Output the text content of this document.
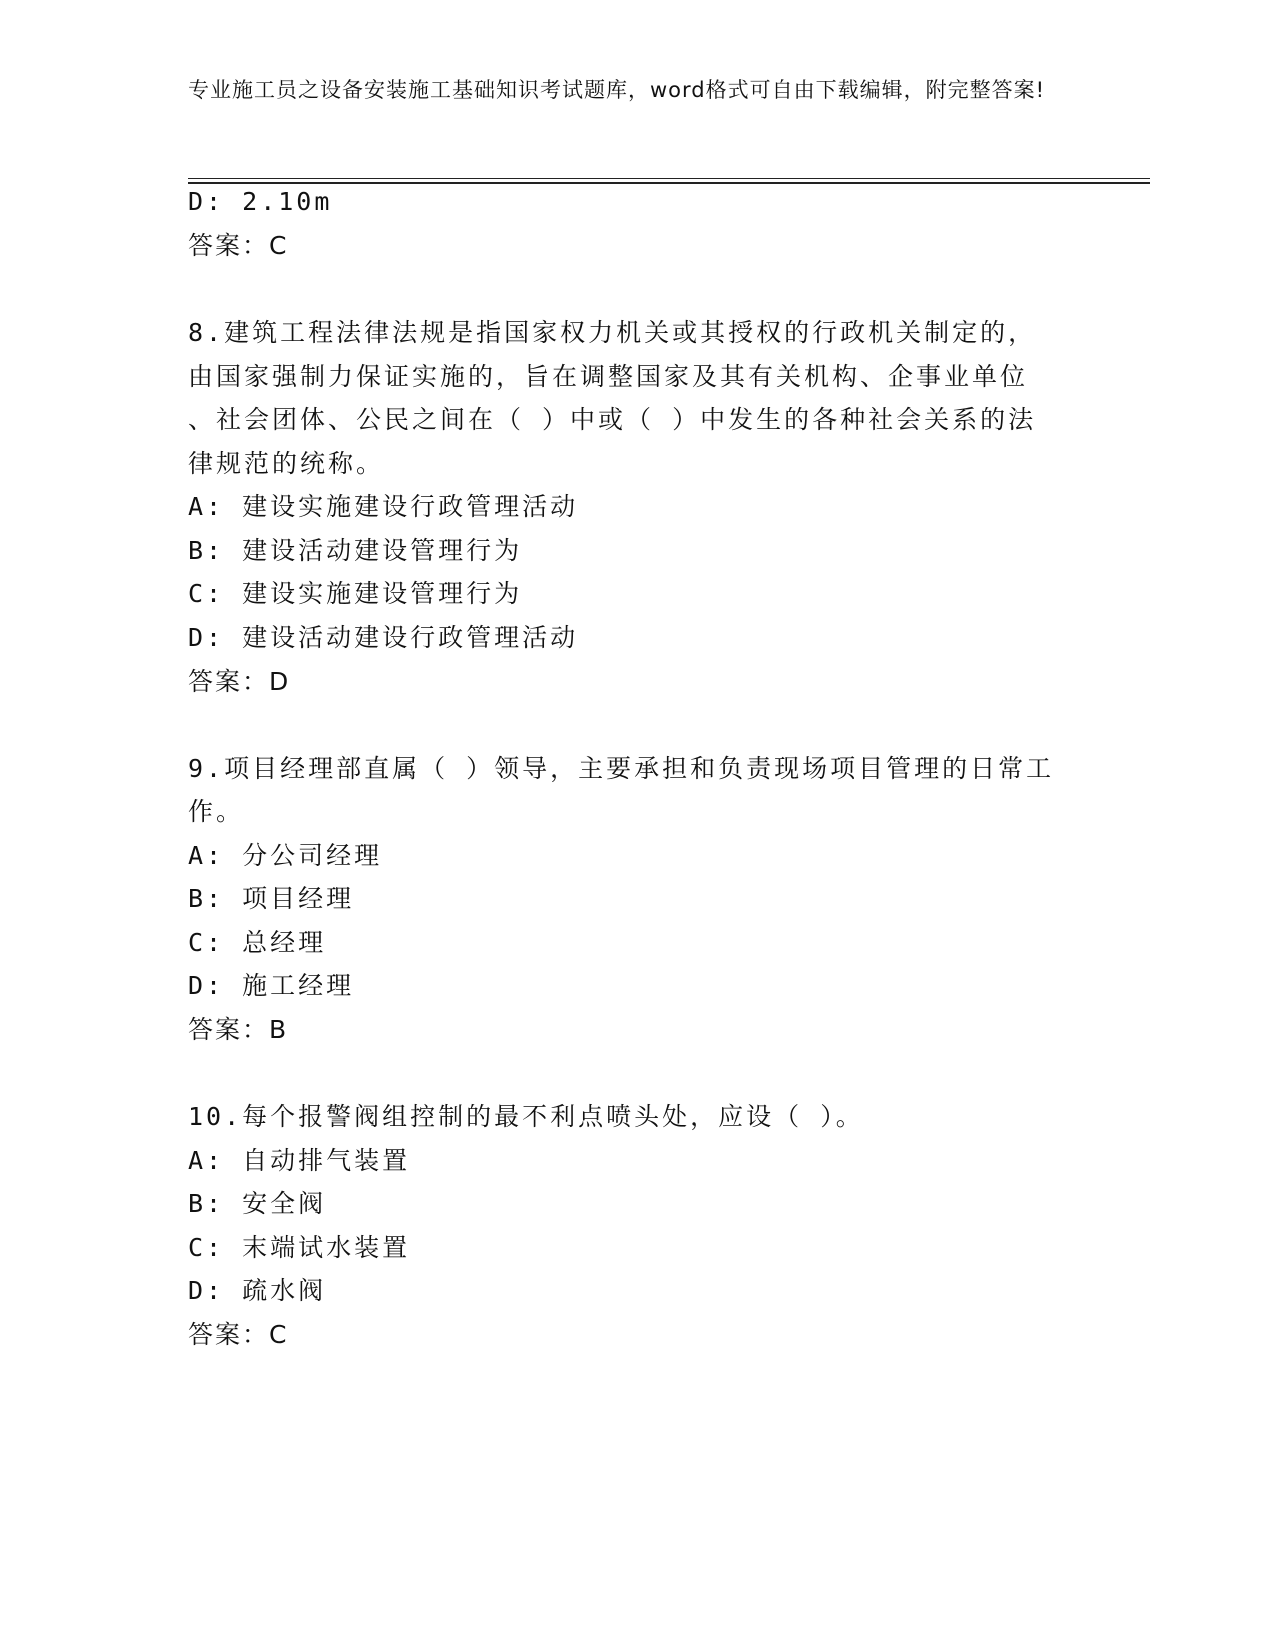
专业施工员之设备安装施工基础知识考试题库，word格式可自由下载编辑，附完整答案!
D: 2.10m
答案：C
8.建筑工程法律法规是指国家权力机关或其授权的行政机关制定的，
由国家强制力保证实施的，旨在调整国家及其有关机构、企事业单位
、社会团体、公民之间在（ ）中或（ ）中发生的各种社会关系的法
律规范的统称。
A: 建设实施建设行政管理活动
B: 建设活动建设管理行为
C: 建设实施建设管理行为
D: 建设活动建设行政管理活动
答案：D
9.项目经理部直属（ ）领导，主要承担和负责现场项目管理的日常工
作。
A: 分公司经理
B: 项目经理
C: 总经理
D: 施工经理
答案：B
10.每个报警阀组控制的最不利点喷头处，应设（ ）。
A: 自动排气装置
B: 安全阀
C: 末端试水装置
D: 疏水阀
答案：C
